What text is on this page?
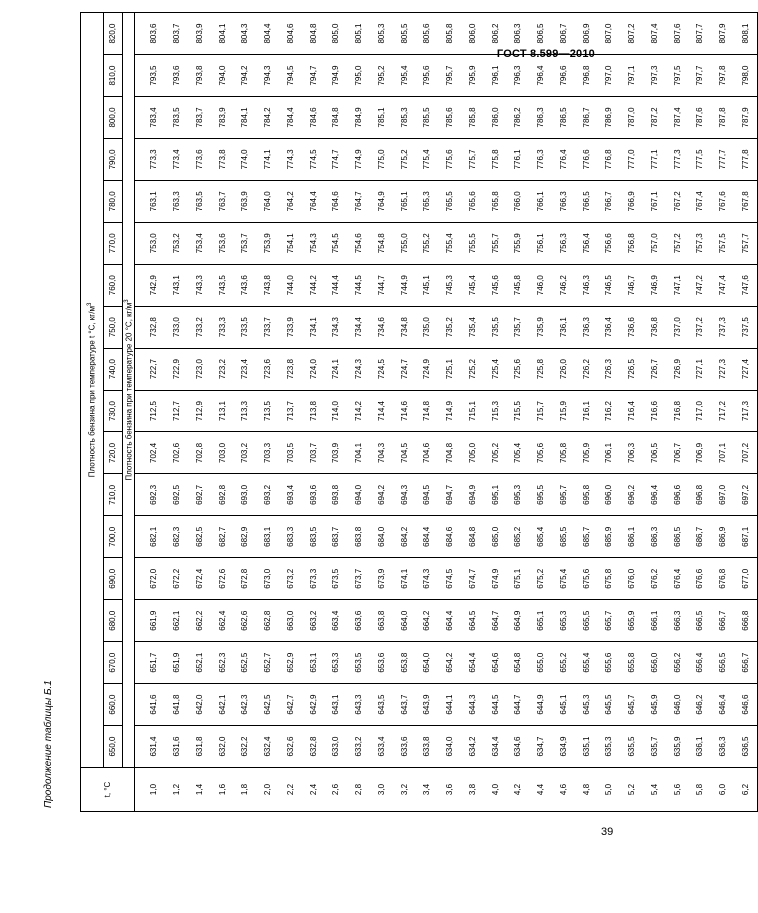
ГОСТ 8.599—2010
Продолжение таблицы Б.1	t, °C	Плотность бензина при температуре t °C, $кг/м^3$
	650,0	660,0	670,0	680,0	690,0	700,0	710,0	720,0	730,0	740,0	750,0	760,0	770,0	780,0	790,0	800,0	810,0	820,0
	Плотность бензина при температуре 20 °C, $кг/м^3$

1,0	631,4	641,6	651,7	661,9	672,0	682,1	692,3	702,4	712,5	722,7	732,8	742,9	753,0	763,1	773,3	783,4	793,5	803,6
1,2	631,6	641,8	651,9	662,1	672,2	682,3	692,5	702,6	712,7	722,9	733,0	743,1	753,2	763,3	773,4	783,5	793,6	803,7
1,4	631,8	642,0	652,1	662,2	672,4	682,5	692,7	702,8	712,9	723,0	733,2	743,3	753,4	763,5	773,6	783,7	793,8	803,9
1,6	632,0	642,1	652,3	662,4	672,6	682,7	692,8	703,0	713,1	723,2	733,3	743,5	753,6	763,7	773,8	783,9	794,0	804,1
1,8	632,2	642,3	652,5	662,6	672,8	682,9	693,0	703,2	713,3	723,4	733,5	743,6	753,7	763,9	774,0	784,1	794,2	804,3
2,0	632,4	642,5	652,7	662,8	673,0	683,1	693,2	703,3	713,5	723,6	733,7	743,8	753,9	764,0	774,1	784,2	794,3	804,4
2,2	632,6	642,7	652,9	663,0	673,2	683,3	693,4	703,5	713,7	723,8	733,9	744,0	754,1	764,2	774,3	784,4	794,5	804,6
2,4	632,8	642,9	653,1	663,2	673,3	683,5	693,6	703,7	713,8	724,0	734,1	744,2	754,3	764,4	774,5	784,6	794,7	804,8
2,6	633,0	643,1	653,3	663,4	673,5	683,7	693,8	703,9	714,0	724,1	734,3	744,4	754,5	764,6	774,7	784,8	794,9	805,0
2,8	633,2	643,3	653,5	663,6	673,7	683,8	694,0	704,1	714,2	724,3	734,4	744,5	754,6	764,7	774,9	784,9	795,0	805,1
3,0	633,4	643,5	653,6	663,8	673,9	684,0	694,2	704,3	714,4	724,5	734,6	744,7	754,8	764,9	775,0	785,1	795,2	805,3
3,2	633,6	643,7	653,8	664,0	674,1	684,2	694,3	704,5	714,6	724,7	734,8	744,9	755,0	765,1	775,2	785,3	795,4	805,5
3,4	633,8	643,9	654,0	664,2	674,3	684,4	694,5	704,6	714,8	724,9	735,0	745,1	755,2	765,3	775,4	785,5	795,6	805,6
3,6	634,0	644,1	654,2	664,4	674,5	684,6	694,7	704,8	714,9	725,1	735,2	745,3	755,4	765,5	775,6	785,6	795,7	805,8
3,8	634,2	644,3	654,4	664,5	674,7	684,8	694,9	705,0	715,1	725,2	735,4	745,4	755,5	765,6	775,7	785,8	795,9	806,0
4,0	634,4	644,5	654,6	664,7	674,9	685,0	695,1	705,2	715,3	725,4	735,5	745,6	755,7	765,8	775,8	786,0	796,1	806,2
4,2	634,6	644,7	654,8	664,9	675,1	685,2	695,3	705,4	715,5	725,6	735,7	745,8	755,9	766,0	776,1	786,2	796,3	806,3
4,4	634,7	644,9	655,0	665,1	675,2	685,4	695,5	705,6	715,7	725,8	735,9	746,0	756,1	766,1	776,3	786,3	796,4	806,5
4,6	634,9	645,1	655,2	665,3	675,4	685,5	695,7	705,8	715,9	726,0	736,1	746,2	756,3	766,3	776,4	786,5	796,6	806,7
4,8	635,1	645,3	655,4	665,5	675,6	685,7	695,8	705,9	716,1	726,2	736,3	746,3	756,4	766,5	776,6	786,7	796,8	806,9
5,0	635,3	645,5	655,6	665,7	675,8	685,9	696,0	706,1	716,2	726,3	736,4	746,5	756,6	766,7	776,8	786,9	797,0	807,0
5,2	635,5	645,7	655,8	665,9	676,0	686,1	696,2	706,3	716,4	726,5	736,6	746,7	756,8	766,9	777,0	787,0	797,1	807,2
5,4	635,7	645,9	656,0	666,1	676,2	686,3	696,4	706,5	716,6	726,7	736,8	746,9	757,0	767,1	777,1	787,2	797,3	807,4
5,6	635,9	646,0	656,2	666,3	676,4	686,5	696,6	706,7	716,8	726,9	737,0	747,1	757,2	767,2	777,3	787,4	797,5	807,6
5,8	636,1	646,2	656,4	666,5	676,6	686,7	696,8	706,9	717,0	727,1	737,2	747,2	757,3	767,4	777,5	787,6	797,7	807,7
6,0	636,3	646,4	656,5	666,7	676,8	686,9	697,0	707,1	717,2	727,3	737,3	747,4	757,5	767,6	777,7	787,8	797,8	807,9
6,2	636,5	646,6	656,7	666,8	677,0	687,1	697,2	707,2	717,3	727,4	737,5	747,6	757,7	767,8	777,8	787,9	798,0	808,1
39
